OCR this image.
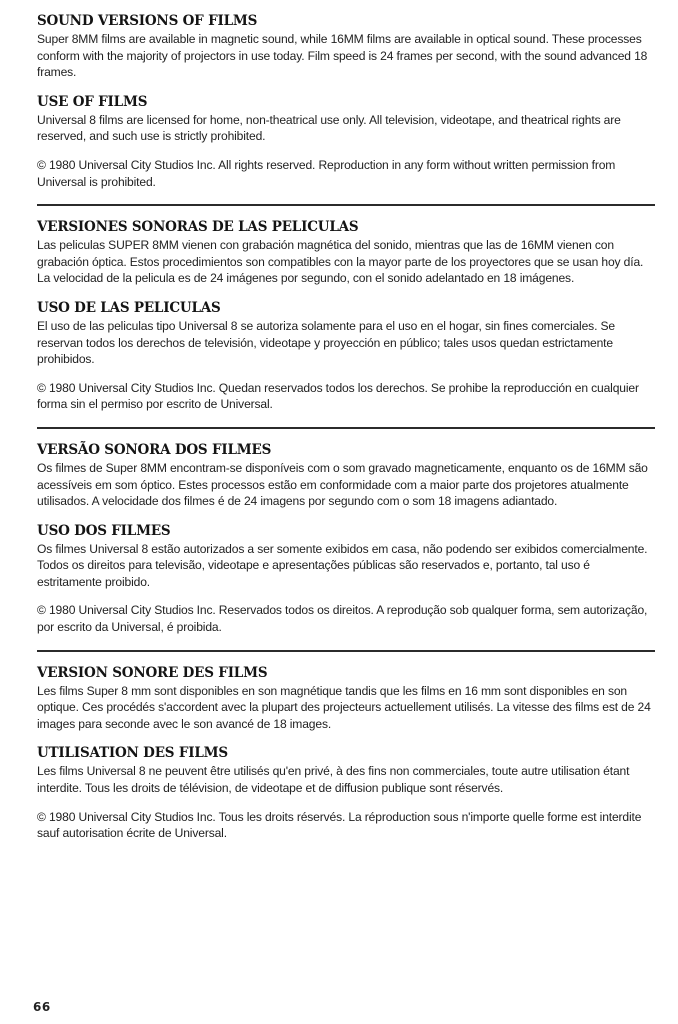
SOUND VERSIONS OF FILMS

Super 8MM films are available in magnetic sound, while 16MM films are available in optical sound. These processes conform with the majority of projectors in use today. Film speed is 24 frames per second, with the sound advanced 18 frames.

USE OF FILMS

Universal 8 films are licensed for home, non-theatrical use only. All television, videotape, and theatrical rights are reserved, and such use is strictly prohibited.

© 1980 Universal City Studios Inc. All rights reserved. Reproduction in any form without written permission from Universal is prohibited.

VERSIONES SONORAS DE LAS PELICULAS

Las peliculas SUPER 8MM vienen con grabación magnética del sonido, mientras que las de 16MM vienen con grabación óptica. Estos procedimientos son compatibles con la mayor parte de los proyectores que se usan hoy día. La velocidad de la pelicula es de 24 imágenes por segundo, con el sonido adelantado en 18 imágenes.

USO DE LAS PELICULAS

El uso de las peliculas tipo Universal 8 se autoriza solamente para el uso en el hogar, sin fines comerciales. Se reservan todos los derechos de televisión, videotape y proyección en público; tales usos quedan estrictamente prohibidos.

© 1980 Universal City Studios Inc. Quedan reservados todos los derechos. Se prohibe la reproducción en cualquier forma sin el permiso por escrito de Universal.

VERSÃO SONORA DOS FILMES

Os filmes de Super 8MM encontram-se disponíveis com o som gravado magneticamente, enquanto os de 16MM são acessíveis em som óptico. Estes processos estão em conformidade com a maior parte dos projetores atualmente utilisados. A velocidade dos filmes é de 24 imagens por segundo com o som 18 imagens adiantado.

USO DOS FILMES

Os filmes Universal 8 estão autorizados a ser somente exibidos em casa, não podendo ser exibidos comercialmente. Todos os direitos para televisão, videotape e apresentações públicas são reservados e, portanto, tal uso é estritamente proibido.

© 1980 Universal City Studios Inc. Reservados todos os direitos. A reprodução sob qualquer forma, sem autorização, por escrito da Universal, é proibida.

VERSION SONORE DES FILMS

Les films Super 8 mm sont disponibles en son magnétique tandis que les films en 16 mm sont disponibles en son optique. Ces procédés s'accordent avec la plupart des projecteurs actuellement utilisés. La vitesse des films est de 24 images para seconde avec le son avancé de 18 images.

UTILISATION DES FILMS

Les films Universal 8 ne peuvent être utilisés qu'en privé, à des fins non commerciales, toute autre utilisation étant interdite. Tous les droits de télévision, de videotape et de diffusion publique sont réservés.

© 1980 Universal City Studios Inc. Tous les droits réservés. La réproduction sous n'importe quelle forme est interdite sauf autorisation écrite de Universal.

66
